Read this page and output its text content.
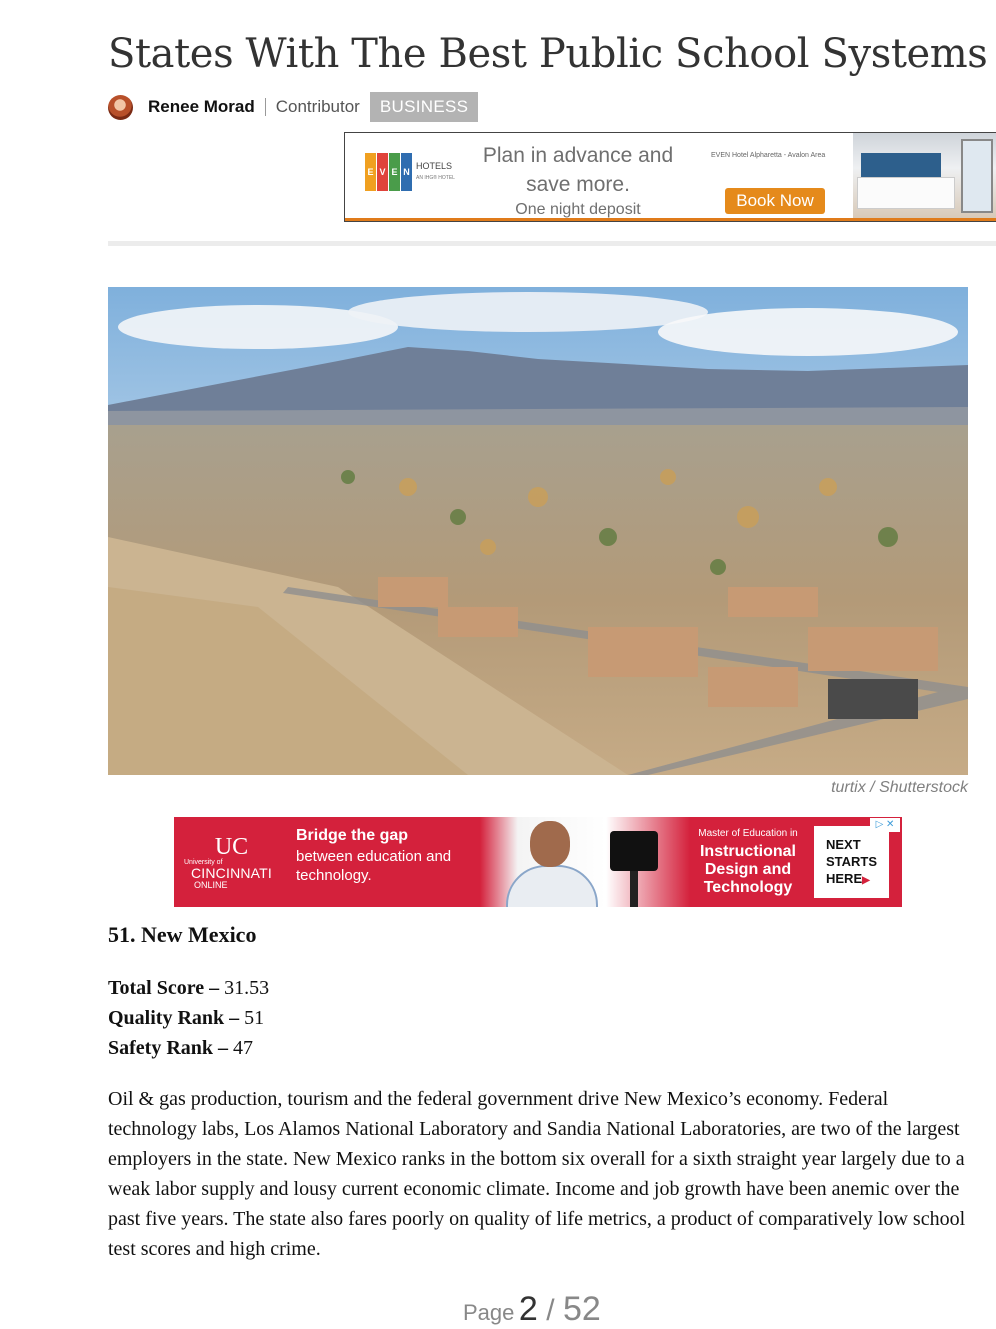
States With The Best Public School Systems
Renee Morad Contributor	BUSINESS
E V E N
HOTELS
AN IHG® HOTEL
Plan in advance and save more.
One night deposit
EVEN Hotel Alpharetta - Avalon Area
Book Now
turtix / Shutterstock
UC
University of
CINCINNATI
ONLINE
Bridge the gap
between education and technology.
Master of Education in
Instructional Design and Technology
NEXT STARTS HERE▶
▷ ✕
51. New Mexico
Total Score – 31.53
Quality Rank – 51
Safety Rank – 47

Oil & gas production, tourism and the federal government drive New Mexico’s economy. Federal technology labs, Los Alamos National Laboratory and Sandia National Laboratories, are two of the largest employers in the state. New Mexico ranks in the bottom six overall for a sixth straight year largely due to a weak labor supply and lousy current economic climate. Income and job growth have been anemic over the past five years. The state also fares poorly on quality of life metrics, a product of comparatively low school test scores and high crime.

Page 2 / 52
